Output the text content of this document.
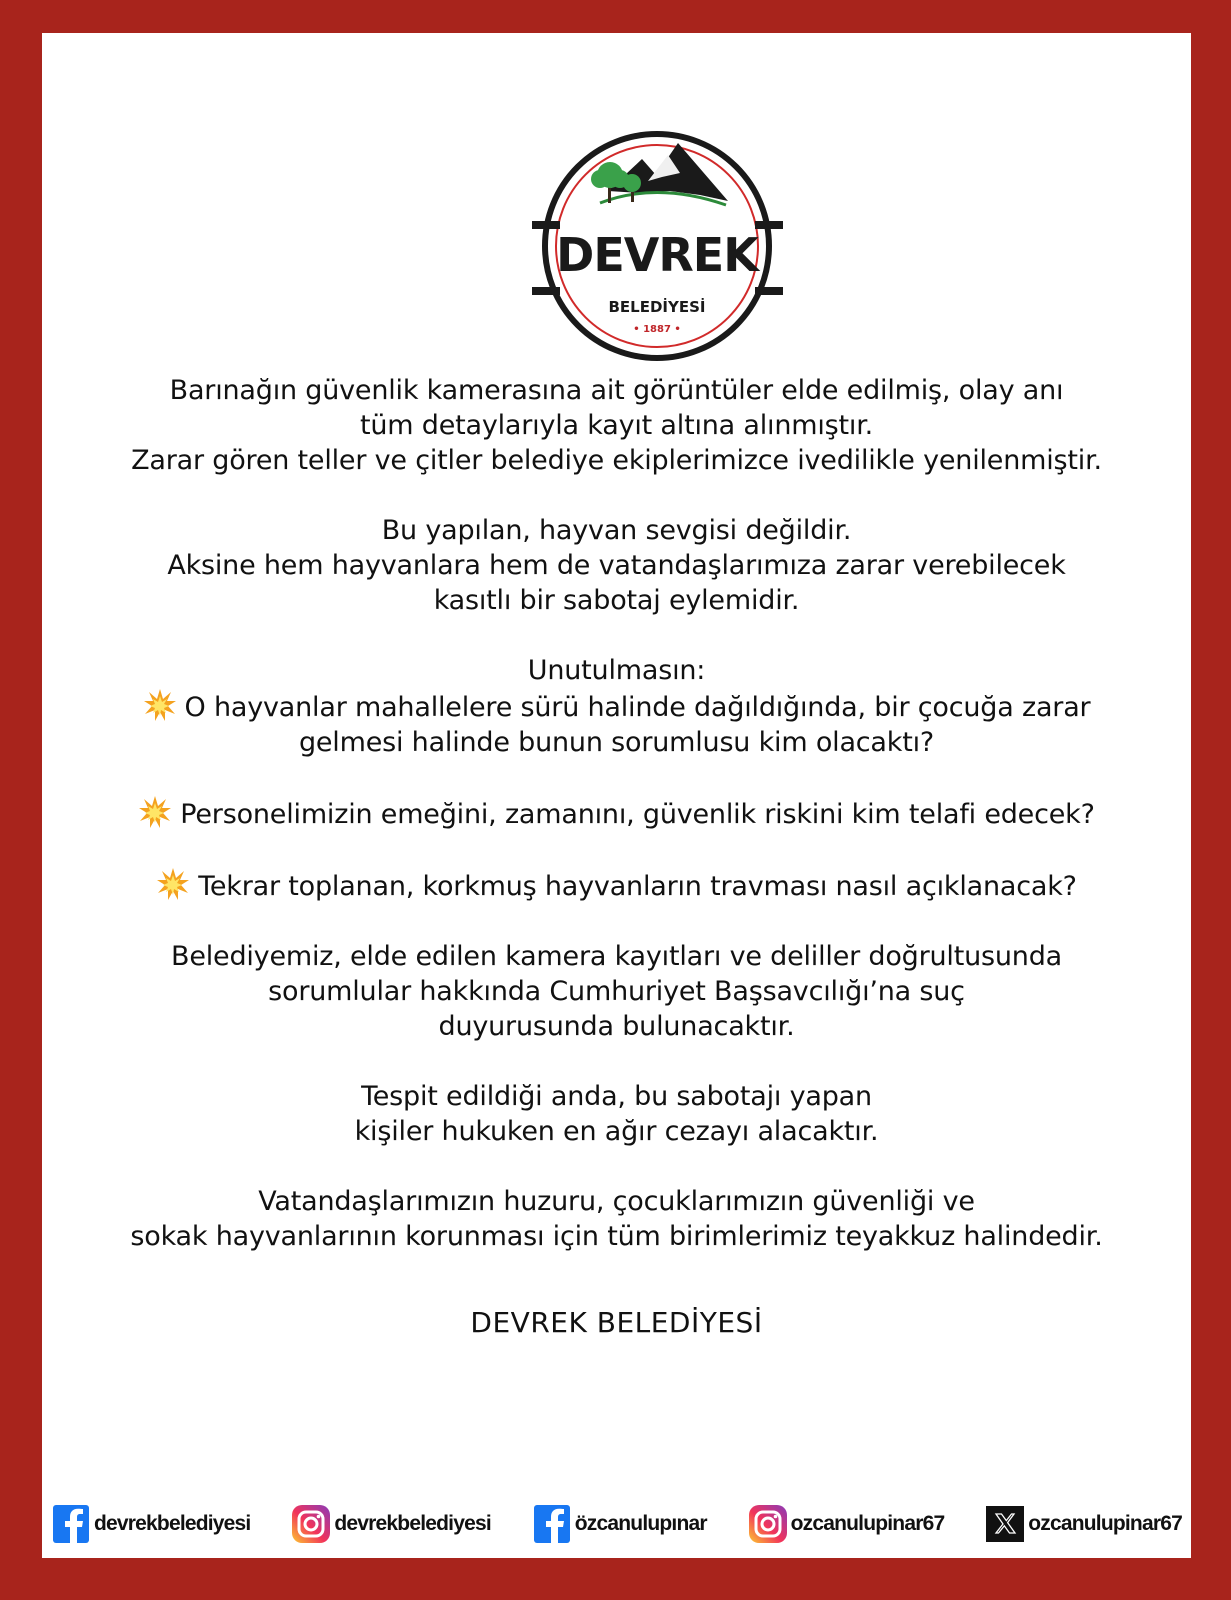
DEVREK
BELEDİYESİ
• 1887 •

Barınağın güvenlik kamerasına ait görüntüler elde edilmiş, olay anı
tüm detaylarıyla kayıt altına alınmıştır.
Zarar gören teller ve çitler belediye ekiplerimizce ivedilikle yenilenmiştir.

Bu yapılan, hayvan sevgisi değildir.
Aksine hem hayvanlara hem de vatandaşlarımıza zarar verebilecek
kasıtlı bir sabotaj eylemidir.

Unutulmasın:
O hayvanlar mahallelere sürü halinde dağıldığında, bir çocuğa zarar
gelmesi halinde bunun sorumlusu kim olacaktı?
Personelimizin emeğini, zamanını, güvenlik riskini kim telafi edecek?
Tekrar toplanan, korkmuş hayvanların travması nasıl açıklanacak?

Belediyemiz, elde edilen kamera kayıtları ve deliller doğrultusunda
sorumlular hakkında Cumhuriyet Başsavcılığı’na suç
duyurusunda bulunacaktır.

Tespit edildiği anda, bu sabotajı yapan
kişiler hukuken en ağır cezayı alacaktır.

Vatandaşlarımızın huzuru, çocuklarımızın güvenliği ve
sokak hayvanlarının korunması için tüm birimlerimiz teyakkuz halindedir.

DEVREK BELEDİYESİ
devrekbelediyesi	devrekbelediyesi	özcanulupınar	ozcanulupinar67	ozcanulupinar67
